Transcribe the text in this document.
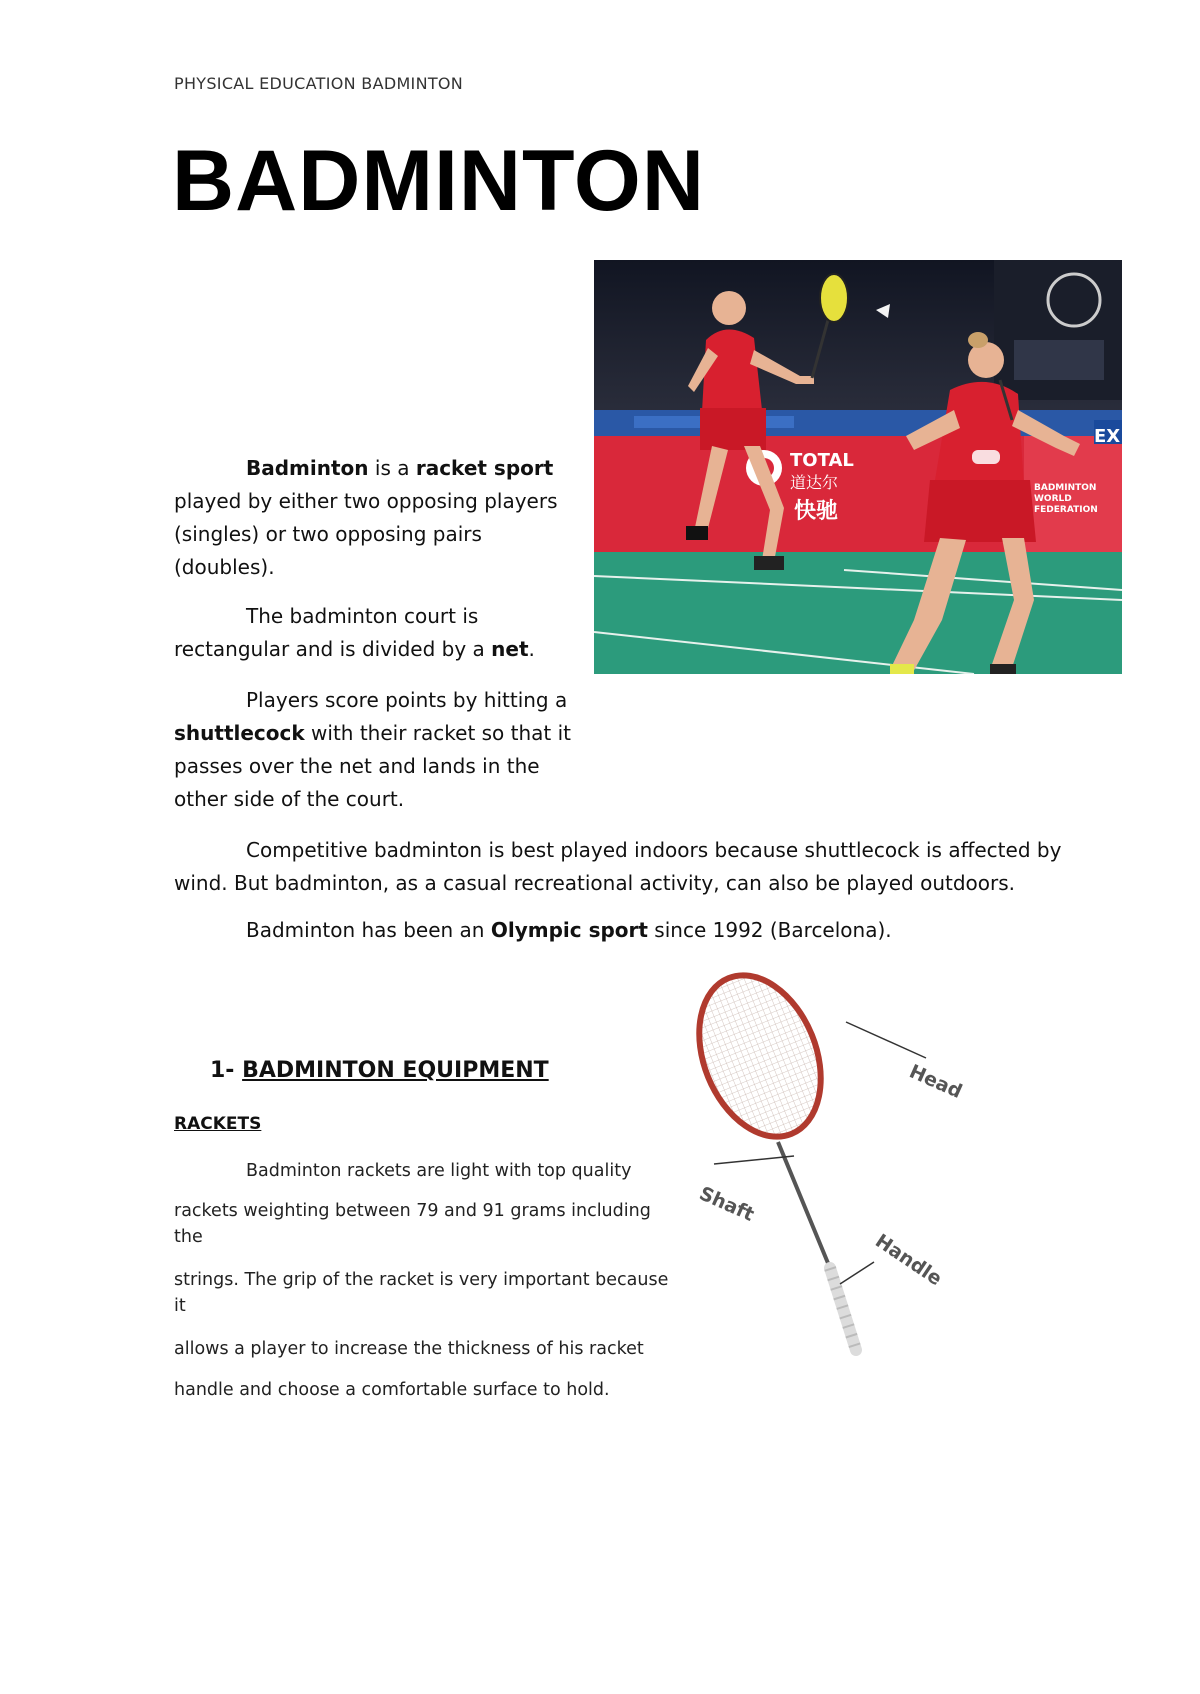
PHYSICAL EDUCATION BADMINTON
BADMINTON
TOTAL
道达尔
快驰
BADMINTON
WORLD
FEDERATION
EX
Badminton is a racket sport played by either two opposing players (singles) or two opposing pairs (doubles).
The badminton court is rectangular and is divided by a net.
Players score points by hitting a shuttlecock with their racket so that it passes over the net and lands in the other side of the court.
Competitive badminton is best played indoors because shuttlecock is affected by wind. But badminton, as a casual recreational activity, can also be played outdoors.
Badminton has been an Olympic sport since 1992 (Barcelona).
1- BADMINTON EQUIPMENT
RACKETS
Badminton rackets are light with top quality
rackets weighting between 79 and 91 grams including the
strings. The grip of the racket is very important because it
allows a player to increase the thickness of his racket
handle and choose a comfortable surface to hold.
Head
Shaft
Handle
